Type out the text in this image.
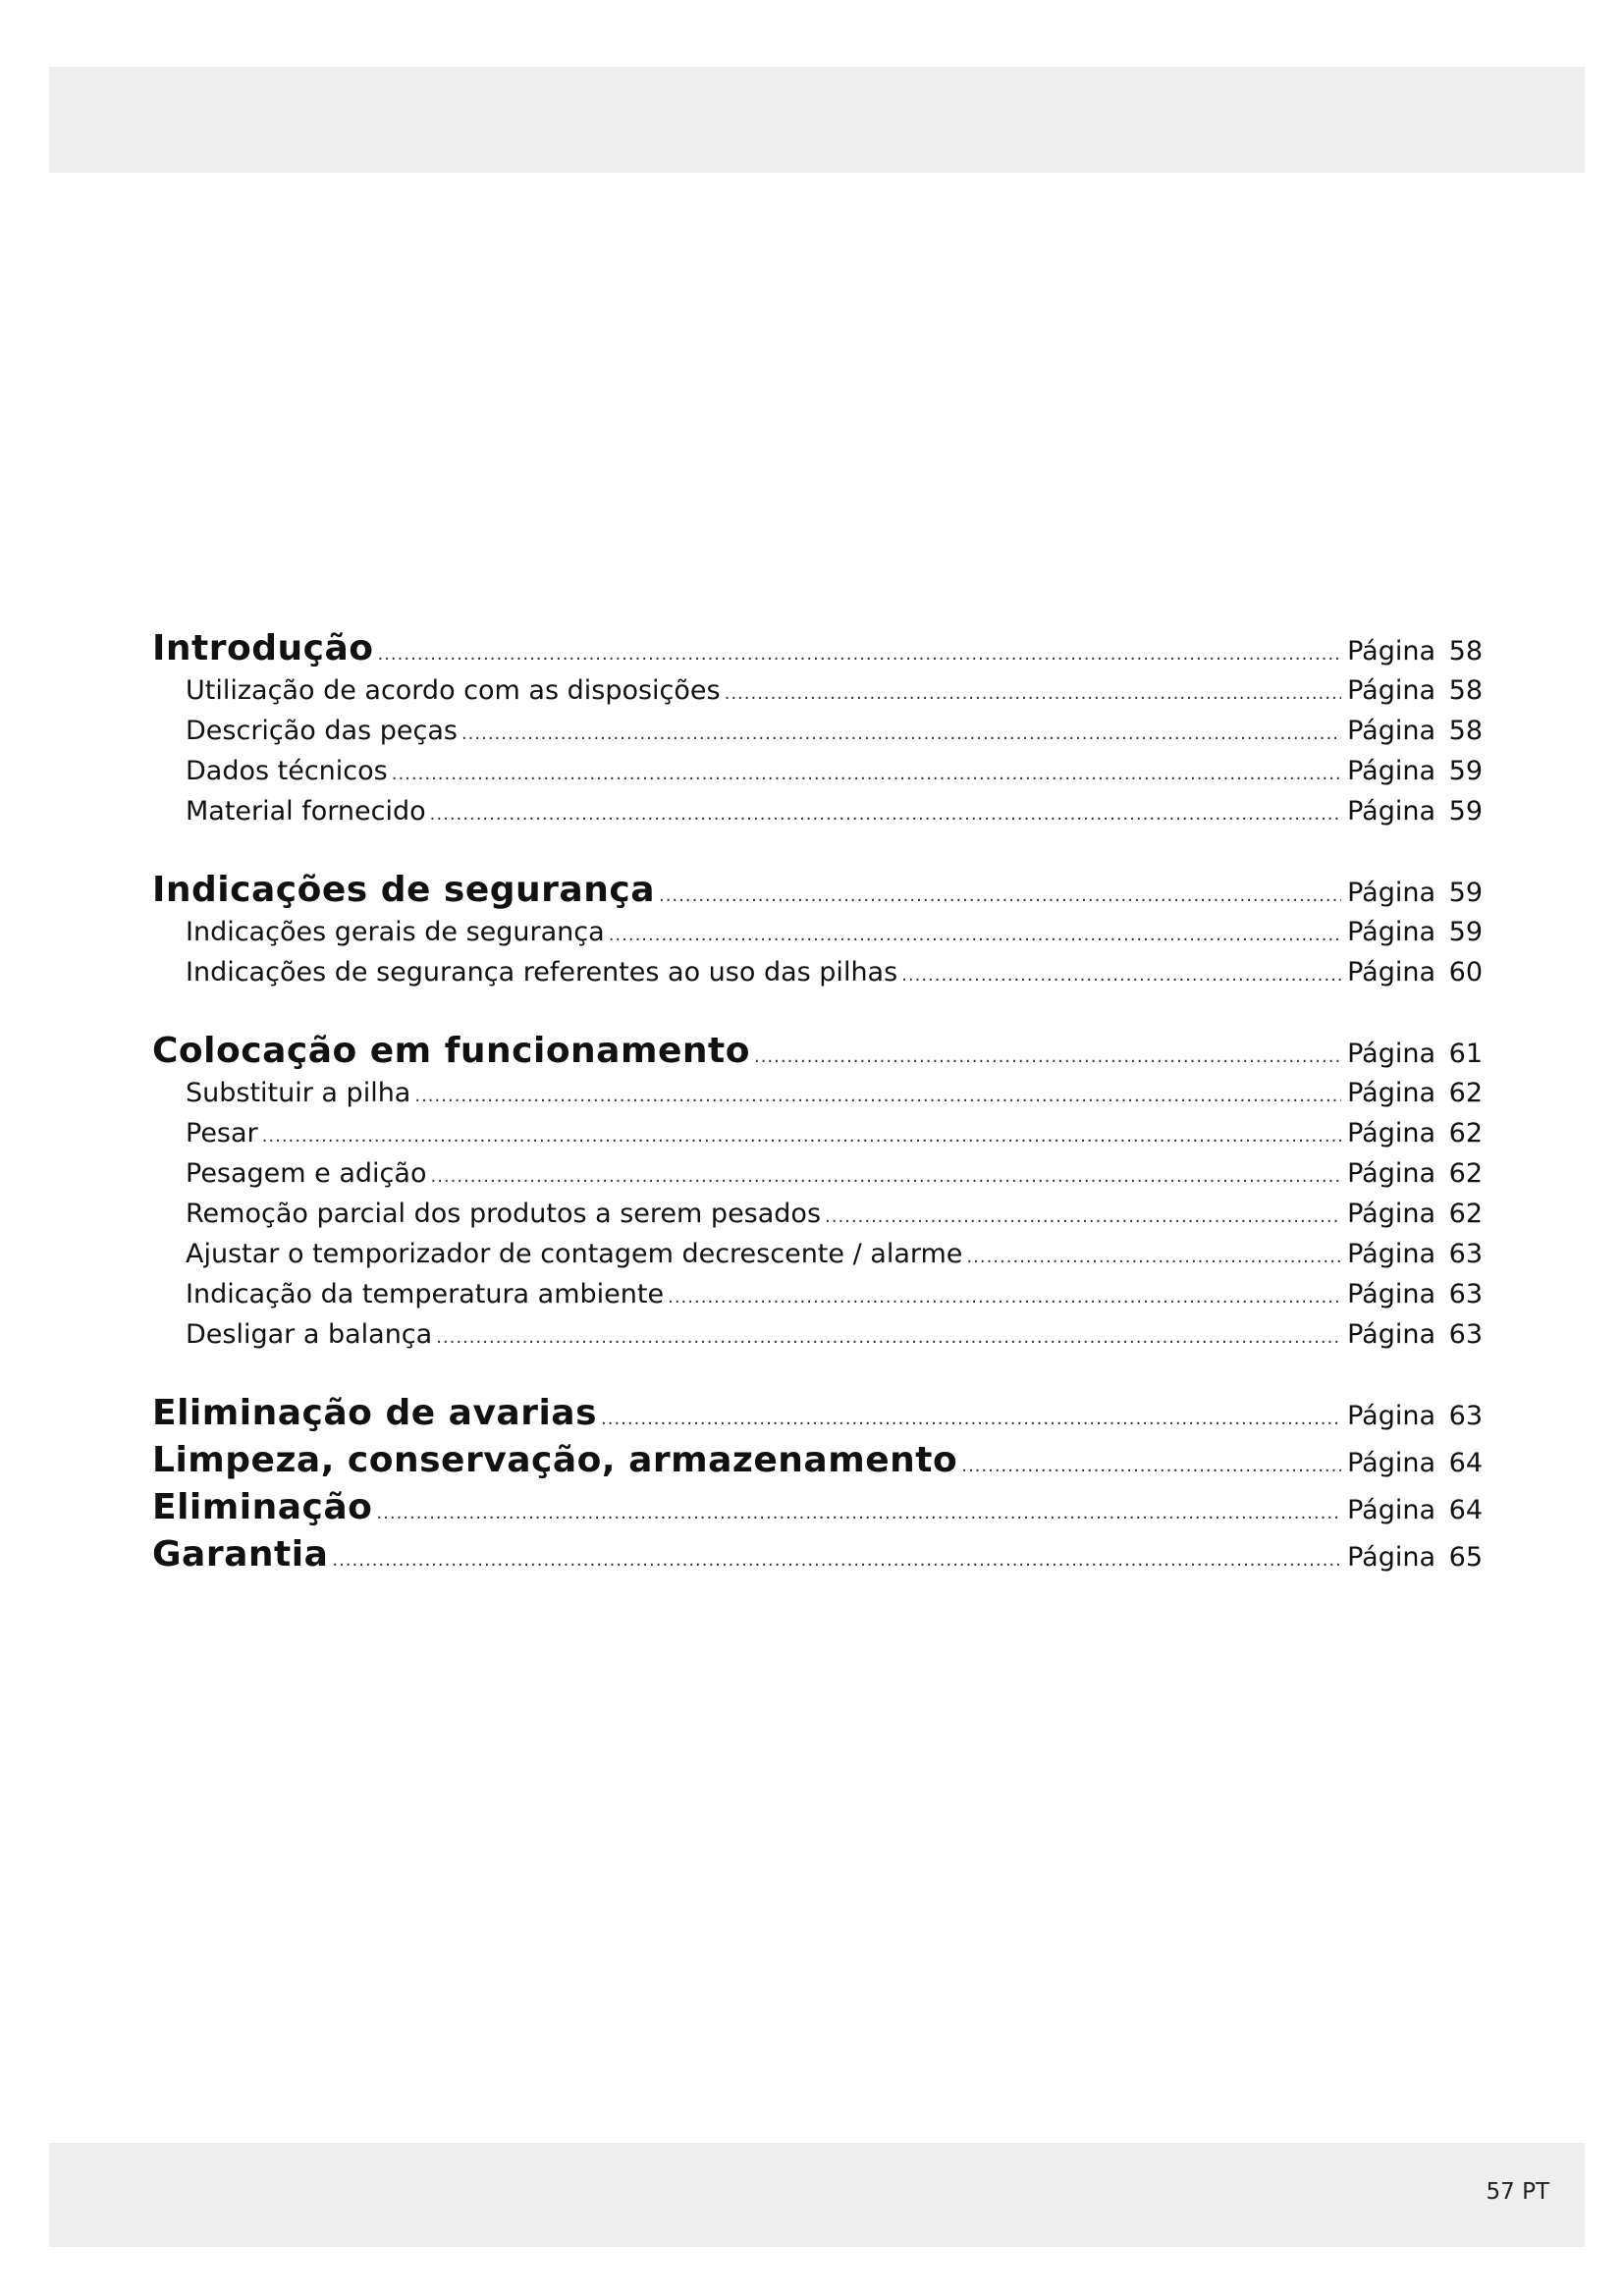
Introdução .....	Página 58
Utilização de acordo com as disposições .....	Página 58
Descrição das peças .....	Página 58
Dados técnicos .....	Página 59
Material fornecido .....	Página 59
Indicações de segurança .....	Página 59
Indicações gerais de segurança .....	Página 59
Indicações de segurança referentes ao uso das pilhas .....	Página 60
Colocação em funcionamento .....	Página 61
Substituir a pilha .....	Página 62
Pesar .....	Página 62
Pesagem e adição .....	Página 62
Remoção parcial dos produtos a serem pesados .....	Página 62
Ajustar o temporizador de contagem decrescente / alarme .....	Página 63
Indicação da temperatura ambiente .....	Página 63
Desligar a balança .....	Página 63
Eliminação de avarias .....	Página 63
Limpeza, conservação, armazenamento .....	Página 64
Eliminação .....	Página 64
Garantia .....	Página 65
57 PT
